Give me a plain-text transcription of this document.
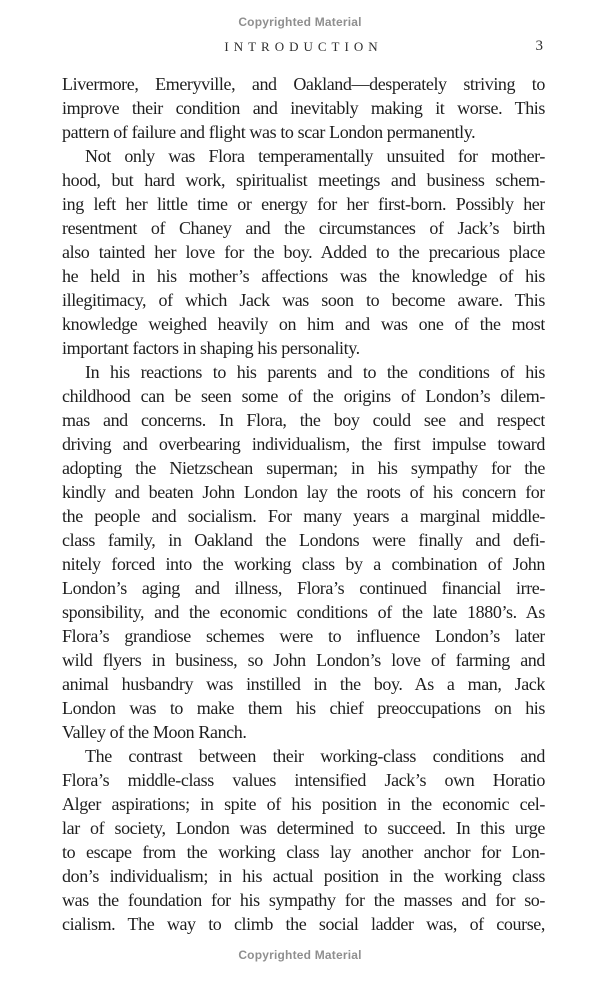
Copyrighted Material
INTRODUCTION	3
Livermore, Emeryville, and Oakland—desperately striving to
improve their condition and inevitably making it worse. This
pattern of failure and flight was to scar London permanently.
Not only was Flora temperamentally unsuited for mother-
hood, but hard work, spiritualist meetings and business schem-
ing left her little time or energy for her first-born. Possibly her
resentment of Chaney and the circumstances of Jack’s birth
also tainted her love for the boy. Added to the precarious place
he held in his mother’s affections was the knowledge of his
illegitimacy, of which Jack was soon to become aware. This
knowledge weighed heavily on him and was one of the most
important factors in shaping his personality.
In his reactions to his parents and to the conditions of his
childhood can be seen some of the origins of London’s dilem-
mas and concerns. In Flora, the boy could see and respect
driving and overbearing individualism, the first impulse toward
adopting the Nietzschean superman; in his sympathy for the
kindly and beaten John London lay the roots of his concern for
the people and socialism. For many years a marginal middle-
class family, in Oakland the Londons were finally and defi-
nitely forced into the working class by a combination of John
London’s aging and illness, Flora’s continued financial irre-
sponsibility, and the economic conditions of the late 1880’s. As
Flora’s grandiose schemes were to influence London’s later
wild flyers in business, so John London’s love of farming and
animal husbandry was instilled in the boy. As a man, Jack
London was to make them his chief preoccupations on his
Valley of the Moon Ranch.
The contrast between their working-class conditions and
Flora’s middle-class values intensified Jack’s own Horatio
Alger aspirations; in spite of his position in the economic cel-
lar of society, London was determined to succeed. In this urge
to escape from the working class lay another anchor for Lon-
don’s individualism; in his actual position in the working class
was the foundation for his sympathy for the masses and for so-
cialism. The way to climb the social ladder was, of course,
Copyrighted Material
